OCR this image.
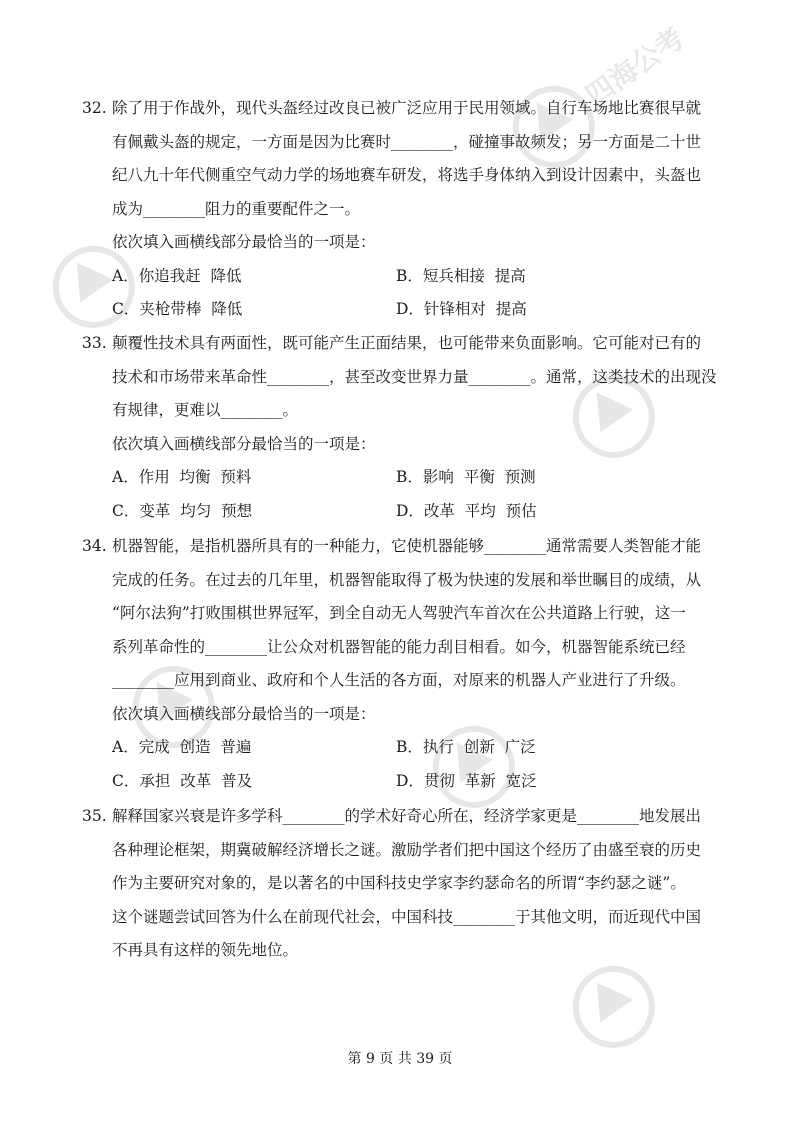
四海公考
32. 除了用于作战外，现代头盔经过改良已被广泛应用于民用领域。自行车场地比赛很早就
有佩戴头盔的规定，一方面是因为比赛时________，碰撞事故频发；另一方面是二十世
纪八九十年代侧重空气动力学的场地赛车研发，将选手身体纳入到设计因素中，头盔也
成为________阻力的重要配件之一。
依次填入画横线部分最恰当的一项是：
A．你追我赶  降低	B．短兵相接  提高
C．夹枪带棒  降低	D．针锋相对  提高
33. 颠覆性技术具有两面性，既可能产生正面结果，也可能带来负面影响。它可能对已有的
技术和市场带来革命性________，甚至改变世界力量________。通常，这类技术的出现没
有规律，更难以________。
依次填入画横线部分最恰当的一项是：
A．作用  均衡  预料	B．影响  平衡  预测
C．变革  均匀  预想	D．改革  平均  预估
34. 机器智能，是指机器所具有的一种能力，它使机器能够________通常需要人类智能才能
完成的任务。在过去的几年里，机器智能取得了极为快速的发展和举世瞩目的成绩，从
“阿尔法狗”打败围棋世界冠军，到全自动无人驾驶汽车首次在公共道路上行驶，这一
系列革命性的________让公众对机器智能的能力刮目相看。如今，机器智能系统已经
________应用到商业、政府和个人生活的各方面，对原来的机器人产业进行了升级。
依次填入画横线部分最恰当的一项是：
A．完成  创造  普遍	B．执行  创新  广泛
C．承担  改革  普及	D．贯彻  革新  宽泛
35. 解释国家兴衰是许多学科________的学术好奇心所在，经济学家更是________地发展出
各种理论框架，期冀破解经济增长之谜。激励学者们把中国这个经历了由盛至衰的历史
作为主要研究对象的，是以著名的中国科技史学家李约瑟命名的所谓“李约瑟之谜”。
这个谜题尝试回答为什么在前现代社会，中国科技________于其他文明，而近现代中国
不再具有这样的领先地位。
第 9 页 共 39 页
